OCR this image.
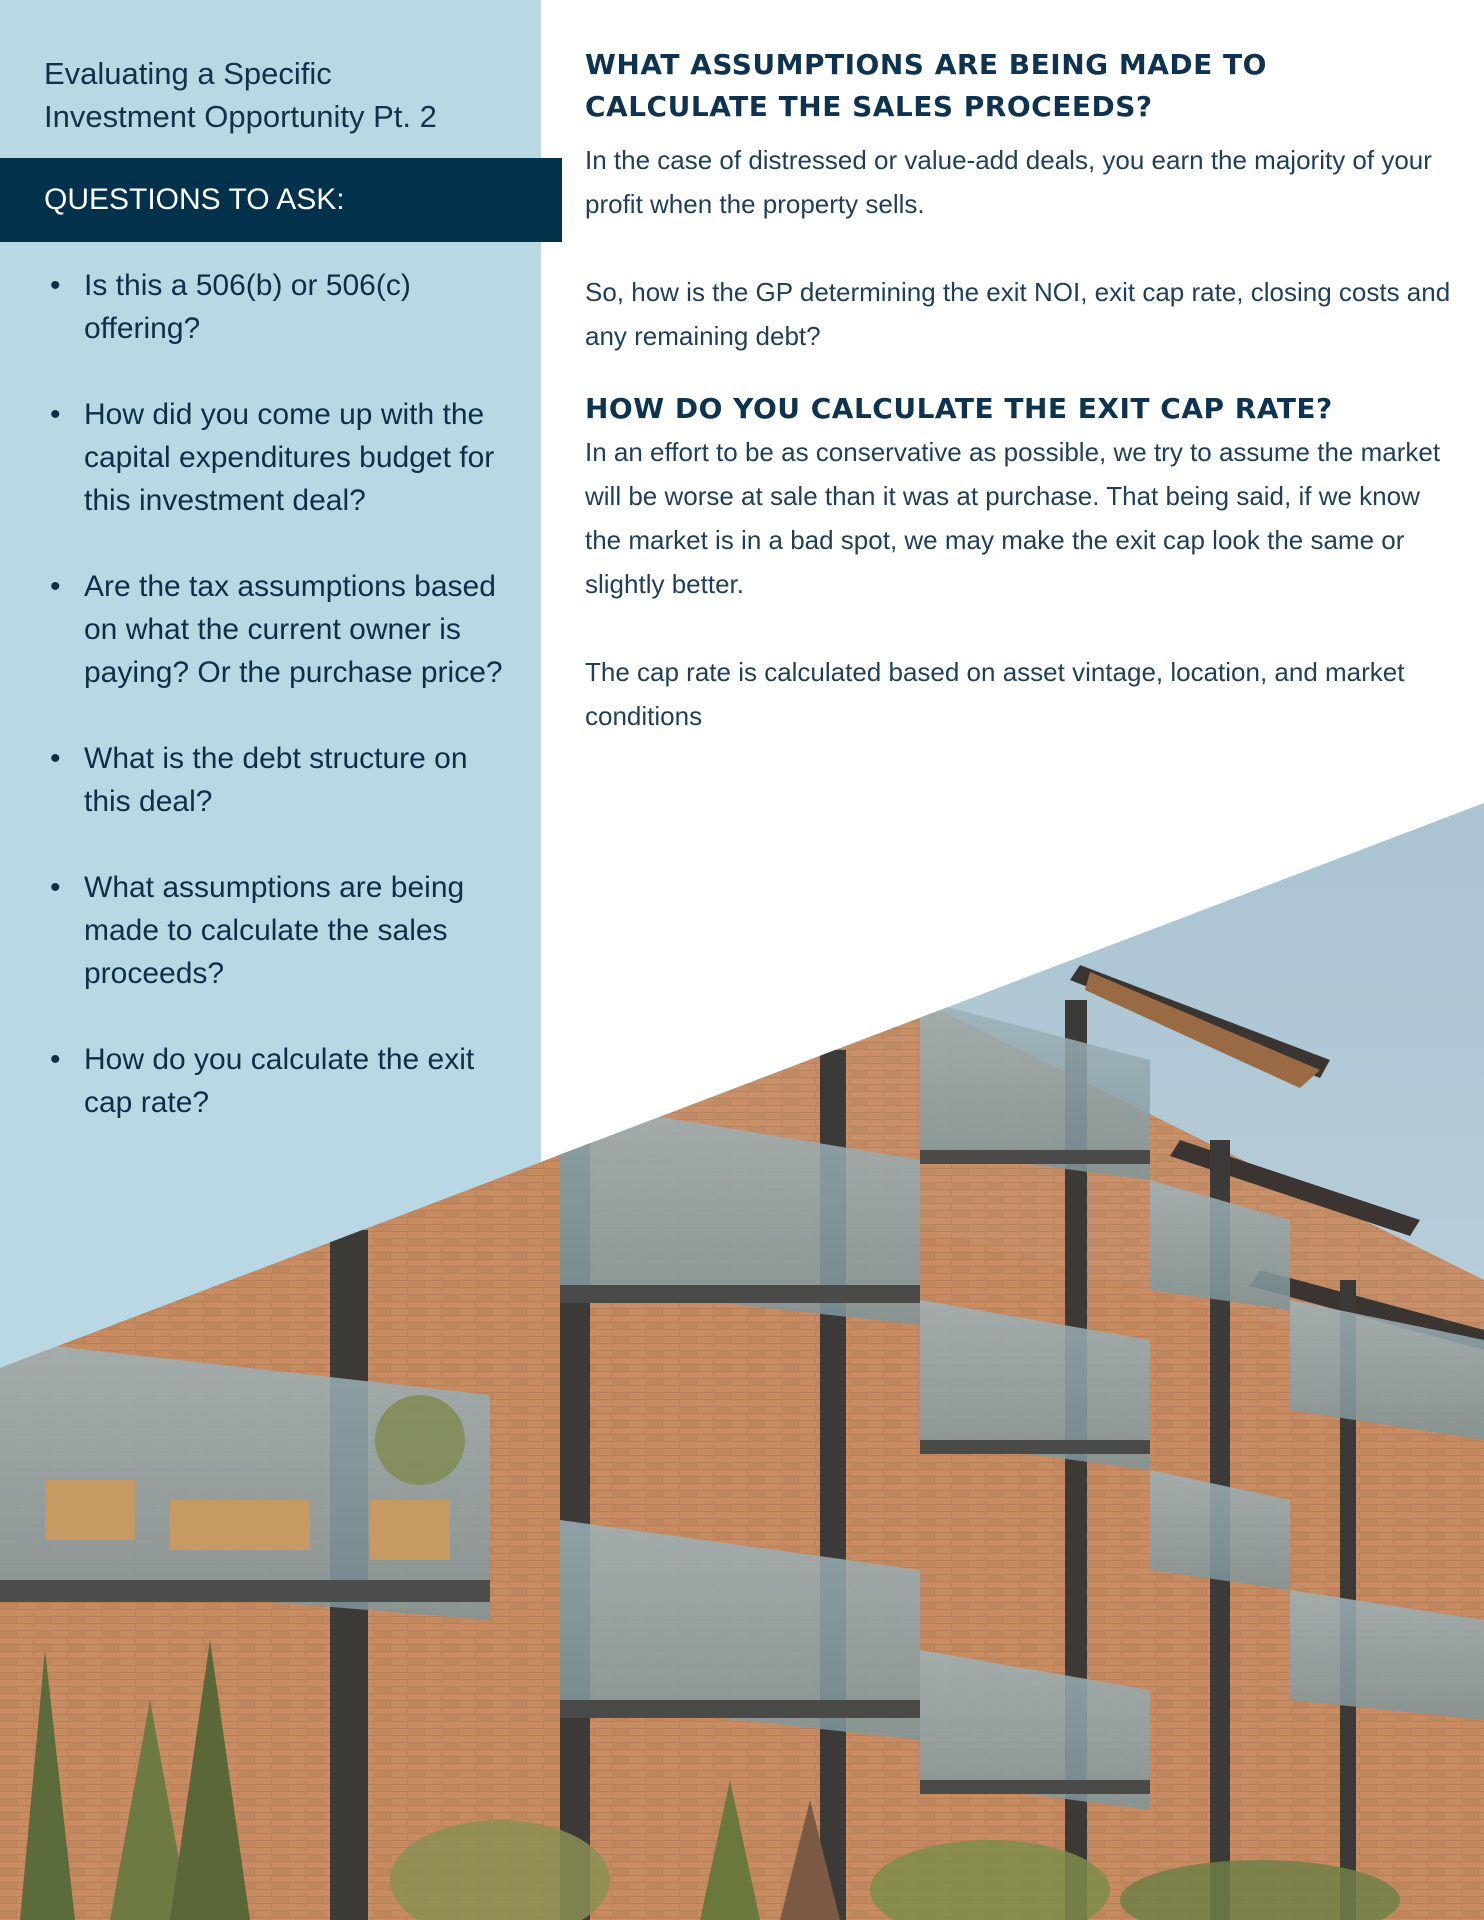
Evaluating a Specific
Investment Opportunity Pt. 2
QUESTIONS TO ASK:
• Is this a 506(b) or 506(c) offering?
• How did you come up with the capital expenditures budget for this investment deal?
• Are the tax assumptions based on what the current owner is paying? Or the purchase price?
• What is the debt structure on this deal?
• What assumptions are being made to calculate the sales proceeds?
• How do you calculate the exit cap rate?
WHAT ASSUMPTIONS ARE BEING MADE TO CALCULATE THE SALES PROCEEDS?

In the case of distressed or value-add deals, you earn the majority of your profit when the property sells.

So, how is the GP determining the exit NOI, exit cap rate, closing costs and any remaining debt?

HOW DO YOU CALCULATE THE EXIT CAP RATE?

In an effort to be as conservative as possible, we try to assume the market will be worse at sale than it was at purchase. That being said, if we know the market is in a bad spot, we may make the exit cap look the same or slightly better.

The cap rate is calculated based on asset vintage, location, and market conditions
